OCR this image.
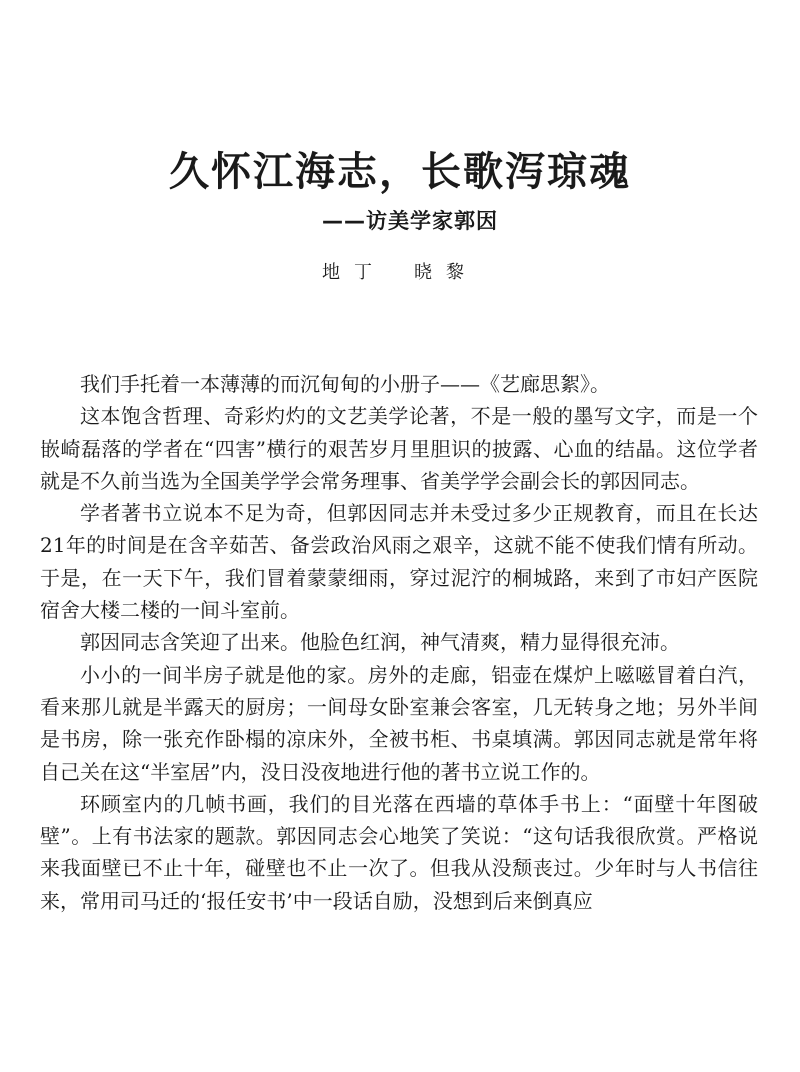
久怀江海志，长歌泻琼魂
——访美学家郭因
地丁 晓黎

我们手托着一本薄薄的而沉甸甸的小册子——《艺廊思絮》。

这本饱含哲理、奇彩灼灼的文艺美学论著，不是一般的墨写文字，而是一个嵌崎磊落的学者在“四害”横行的艰苦岁月里胆识的披露、心血的结晶。这位学者就是不久前当选为全国美学学会常务理事、省美学学会副会长的郭因同志。

学者著书立说本不足为奇，但郭因同志并未受过多少正规教育，而且在长达21年的时间是在含辛茹苦、备尝政治风雨之艰辛，这就不能不使我们情有所动。于是，在一天下午，我们冒着蒙蒙细雨，穿过泥泞的桐城路，来到了市妇产医院宿舍大楼二楼的一间斗室前。

郭因同志含笑迎了出来。他脸色红润，神气清爽，精力显得很充沛。

小小的一间半房子就是他的家。房外的走廊，铝壶在煤炉上嗞嗞冒着白汽，看来那儿就是半露天的厨房；一间母女卧室兼会客室，几无转身之地；另外半间是书房，除一张充作卧榻的凉床外，全被书柜、书桌填满。郭因同志就是常年将自己关在这“半室居”内，没日没夜地进行他的著书立说工作的。

环顾室内的几帧书画，我们的目光落在西墙的草体手书上：“面壁十年图破壁”。上有书法家的题款。郭因同志会心地笑了笑说：“这句话我很欣赏。严格说来我面壁已不止十年，碰壁也不止一次了。但我从没颓丧过。少年时与人书信往来，常用司马迁的‘报任安书’中一段话自励，没想到后来倒真应
